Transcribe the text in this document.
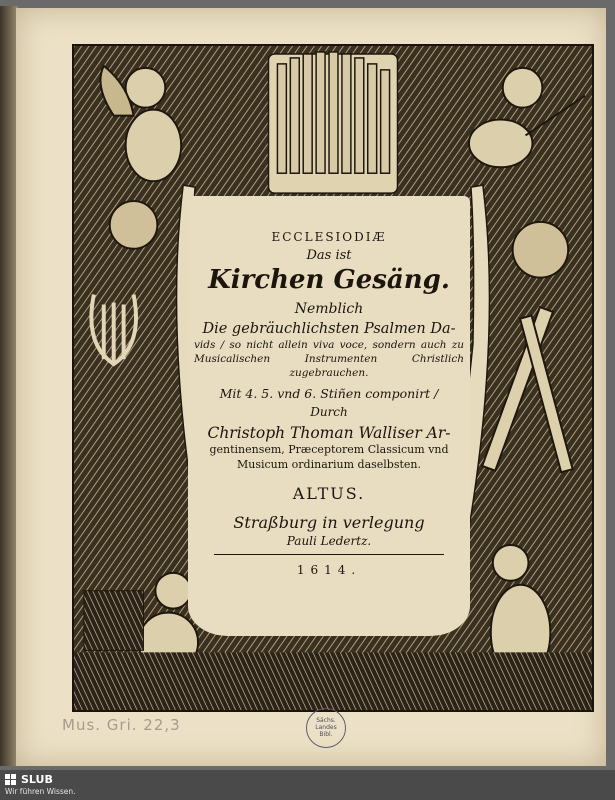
ECCLESIODIÆ
Das ist
Kirchen Gesäng.
Nemblich
Die gebräuchlichsten Psalmen Da-
vids / so nicht allein viva voce, sondern auch zu Musicalischen Instrumenten Christlich zugebrauchen.
Mit 4. 5. vnd 6. Stiñen componirt /
Durch
Christoph Thoman Walliser Ar-
gentinensem, Præceptorem Classicum vnd Musicum ordinarium daselbsten.
ALTUS.
Straßburg in verlegung
Pauli Ledertz.
1614.
Mus. Gri. 22,3	Sächs.
Landes
Bibl.
SLUB
Wir führen Wissen.
